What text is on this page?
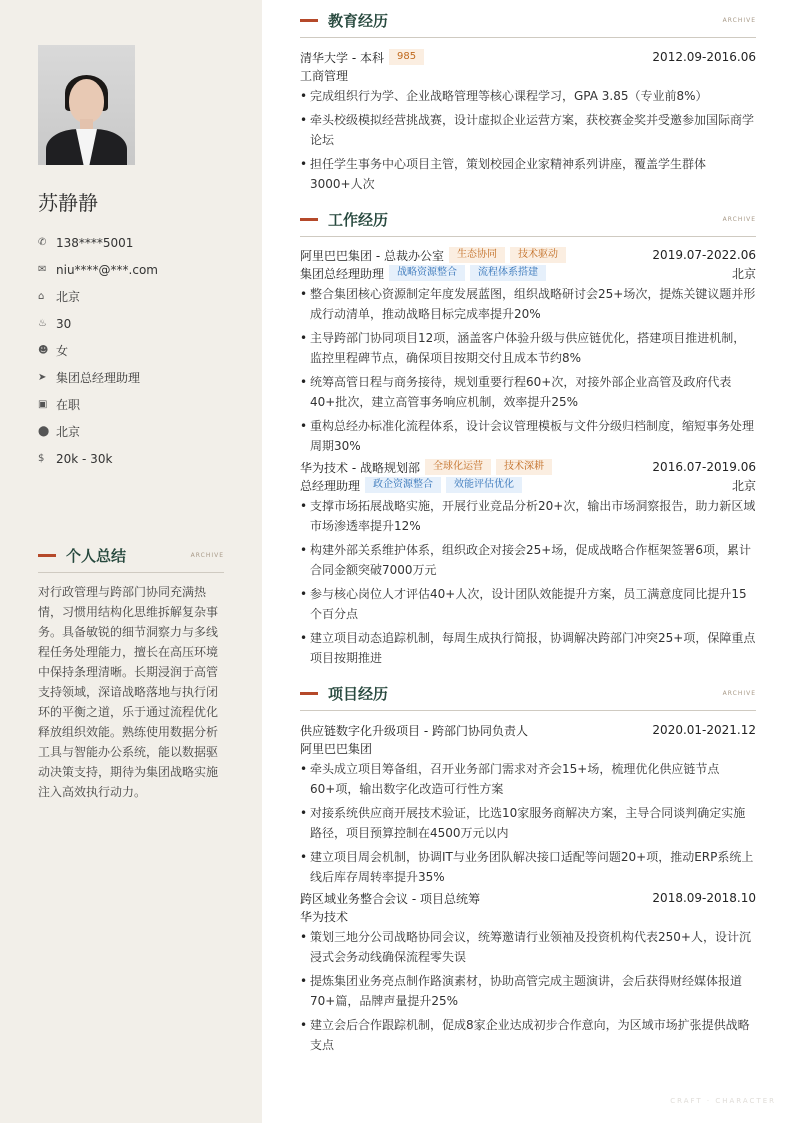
苏静静
✆ 138****5001
✉ niu****@***.com
⌂ 北京
♨ 30
☻ 女
➤ 集团总经理助理
▣ 在职
⬤ 北京
$ 20k - 30k
个人总结	ARCHIVE
对行政管理与跨部门协同充满热情，习惯用结构化思维拆解复杂事务。具备敏锐的细节洞察力与多线程任务处理能力，擅长在高压环境中保持条理清晰。长期浸润于高管支持领域，深谙战略落地与执行闭环的平衡之道，乐于通过流程优化释放组织效能。熟练使用数据分析工具与智能办公系统，能以数据驱动决策支持，期待为集团战略实施注入高效执行动力。
教育经历	ARCHIVE
清华大学 - 本科	985	2012.09-2016.06
工商管理
• 完成组织行为学、企业战略管理等核心课程学习，GPA 3.85（专业前8%）
• 牵头校级模拟经营挑战赛，设计虚拟企业运营方案，获校赛金奖并受邀参加国际商学论坛
• 担任学生事务中心项目主管，策划校园企业家精神系列讲座，覆盖学生群体3000+人次
工作经历	ARCHIVE
阿里巴巴集团 - 总裁办公室	生态协同	技术驱动	2019.07-2022.06
集团总经理助理	战略资源整合	流程体系搭建	北京
• 整合集团核心资源制定年度发展蓝图，组织战略研讨会25+场次，提炼关键议题并形成行动清单，推动战略目标完成率提升20%
• 主导跨部门协同项目12项，涵盖客户体验升级与供应链优化，搭建项目推进机制，监控里程碑节点，确保项目按期交付且成本节约8%
• 统筹高管日程与商务接待，规划重要行程60+次，对接外部企业高管及政府代表40+批次，建立高管事务响应机制，效率提升25%
• 重构总经办标准化流程体系，设计会议管理模板与文件分级归档制度，缩短事务处理周期30%
华为技术 - 战略规划部	全球化运营	技术深耕	2016.07-2019.06
总经理助理	政企资源整合	效能评估优化	北京
• 支撑市场拓展战略实施，开展行业竞品分析20+次，输出市场洞察报告，助力新区域市场渗透率提升12%
• 构建外部关系维护体系，组织政企对接会25+场，促成战略合作框架签署6项，累计合同金额突破7000万元
• 参与核心岗位人才评估40+人次，设计团队效能提升方案，员工满意度同比提升15个百分点
• 建立项目动态追踪机制，每周生成执行简报，协调解决跨部门冲突25+项，保障重点项目按期推进
项目经历	ARCHIVE
供应链数字化升级项目 - 跨部门协同负责人	2020.01-2021.12
阿里巴巴集团
• 牵头成立项目筹备组，召开业务部门需求对齐会15+场，梳理优化供应链节点60+项，输出数字化改造可行性方案
• 对接系统供应商开展技术验证，比选10家服务商解决方案，主导合同谈判确定实施路径，项目预算控制在4500万元以内
• 建立项目周会机制，协调IT与业务团队解决接口适配等问题20+项，推动ERP系统上线后库存周转率提升35%
跨区域业务整合会议 - 项目总统筹	2018.09-2018.10
华为技术
• 策划三地分公司战略协同会议，统筹邀请行业领袖及投资机构代表250+人，设计沉浸式会务动线确保流程零失误
• 提炼集团业务亮点制作路演素材，协助高管完成主题演讲，会后获得财经媒体报道70+篇，品牌声量提升25%
• 建立会后合作跟踪机制，促成8家企业达成初步合作意向，为区域市场扩张提供战略支点
CRAFT · CHARACTER
